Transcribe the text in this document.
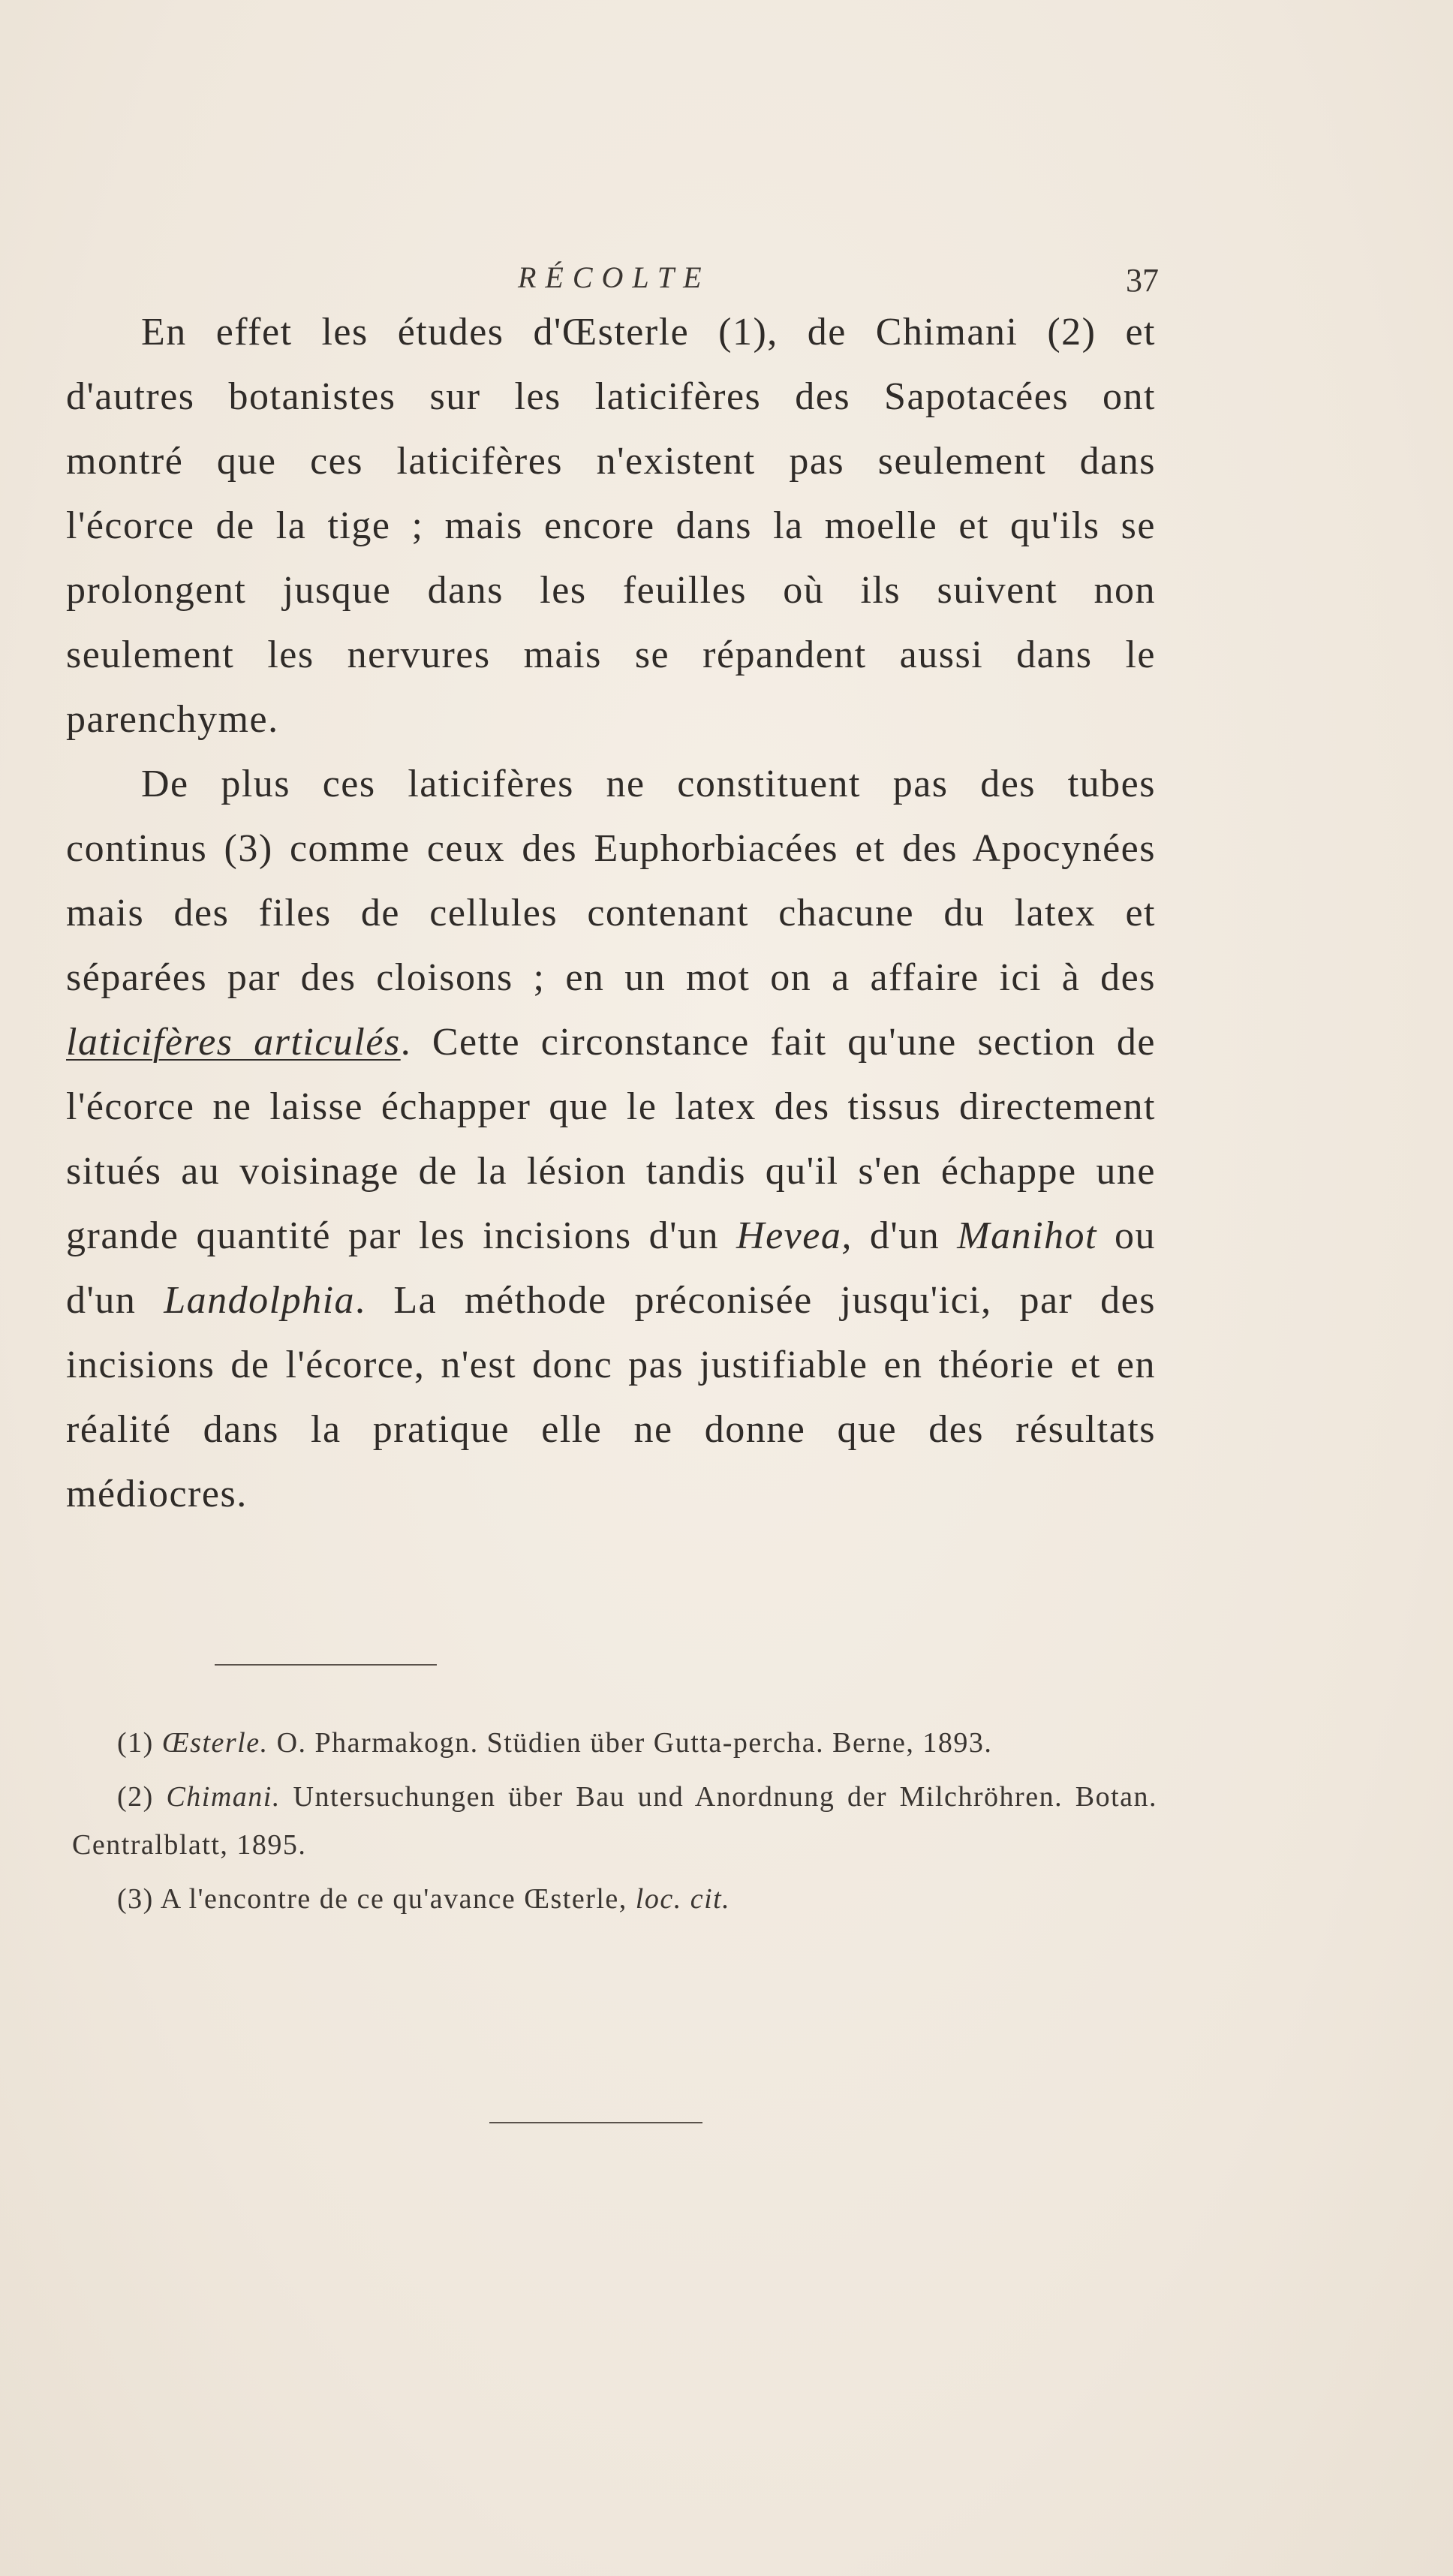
RÉCOLTE	37

En effet les études d'Œsterle (1), de Chimani (2) et d'autres botanistes sur les laticifères des Sapotacées ont montré que ces laticifères n'existent pas seulement dans l'écorce de la tige ; mais encore dans la moelle et qu'ils se prolongent jusque dans les feuilles où ils suivent non seulement les nervures mais se répandent aussi dans le parenchyme.

De plus ces laticifères ne constituent pas des tubes continus (3) comme ceux des Euphorbiacées et des Apocynées mais des files de cellules contenant chacune du latex et séparées par des cloisons ; en un mot on a affaire ici à des laticifères articulés. Cette circonstance fait qu'une section de l'écorce ne laisse échapper que le latex des tissus directement situés au voisinage de la lésion tandis qu'il s'en échappe une grande quantité par les incisions d'un Hevea, d'un Manihot ou d'un Landolphia. La méthode préconisée jusqu'ici, par des incisions de l'écorce, n'est donc pas justifiable en théorie et en réalité dans la pratique elle ne donne que des résultats médiocres.

(1) Œsterle. O. Pharmakogn. Stüdien über Gutta-percha. Berne, 1893.

(2) Chimani. Untersuchungen über Bau und Anordnung der Milchröhren. Botan. Centralblatt, 1895.

(3) A l'encontre de ce qu'avance Œsterle, loc. cit.
